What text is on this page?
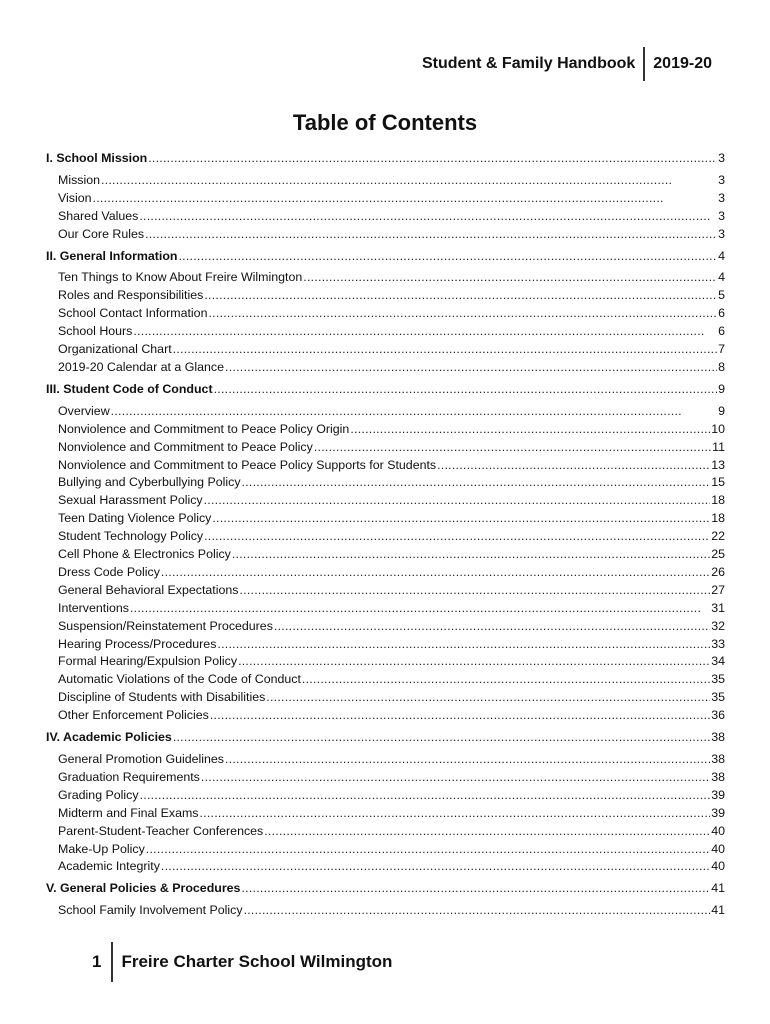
Student & Family Handbook	2019-20
Table of Contents
I. School Mission . . .	3
Mission . . .	3
Vision . . .	3
Shared Values . . .	3
Our Core Rules . . .	3
II. General Information . . .	4
Ten Things to Know About Freire Wilmington . . .	4
Roles and Responsibilities . . .	5
School Contact Information . . .	6
School Hours . . .	6
Organizational Chart . . .	7
2019-20 Calendar at a Glance . . .	8
III. Student Code of Conduct . . .	9
Overview . . .	9
Nonviolence and Commitment to Peace Policy Origin . . .	10
Nonviolence and Commitment to Peace Policy . . .	11
Nonviolence and Commitment to Peace Policy Supports for Students . . .	13
Bullying and Cyberbullying Policy . . .	15
Sexual Harassment Policy . . .	18
Teen Dating Violence Policy . . .	18
Student Technology Policy . . .	22
Cell Phone & Electronics Policy . . .	25
Dress Code Policy . . .	26
General Behavioral Expectations . . .	27
Interventions . . .	31
Suspension/Reinstatement Procedures . . .	32
Hearing Process/Procedures . . .	33
Formal Hearing/Expulsion Policy . . .	34
Automatic Violations of the Code of Conduct . . .	35
Discipline of Students with Disabilities . . .	35
Other Enforcement Policies . . .	36
IV. Academic Policies . . .	38
General Promotion Guidelines . . .	38
Graduation Requirements . . .	38
Grading Policy . . .	39
Midterm and Final Exams . . .	39
Parent-Student-Teacher Conferences . . .	40
Make-Up Policy . . .	40
Academic Integrity . . .	40
V. General Policies & Procedures . . .	41
School Family Involvement Policy . . .	41
1	Freire Charter School Wilmington
